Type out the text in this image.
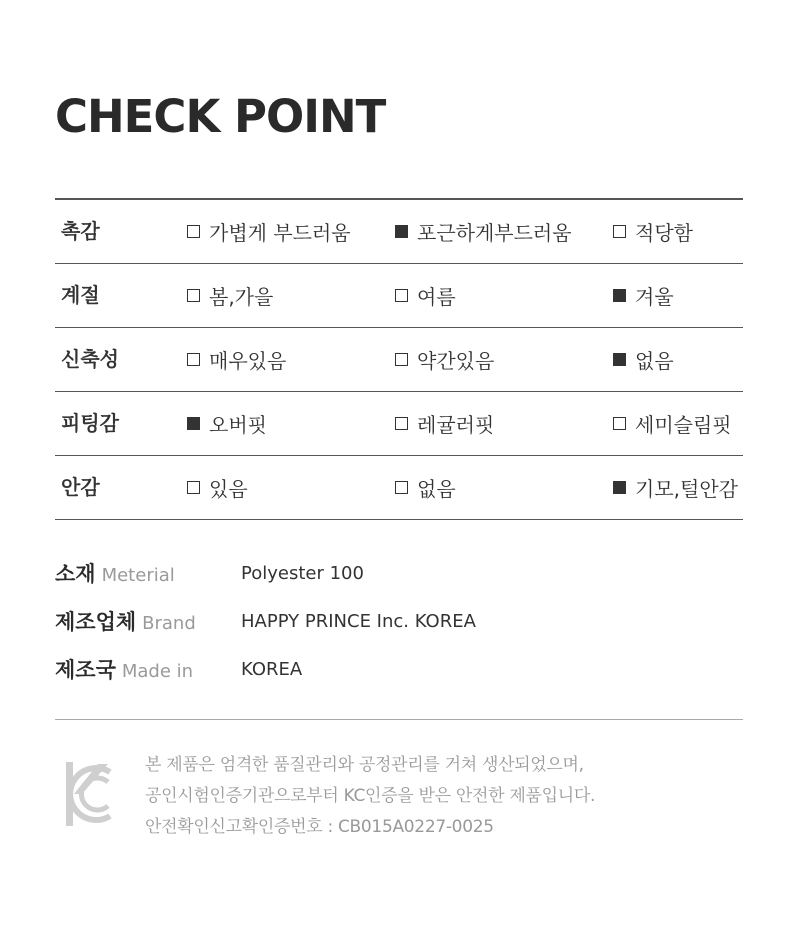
CHECK POINT
촉감	가볍게 부드러움	포근하게부드러움	적당함
계절	봄,가을	여름	겨울
신축성	매우있음	약간있음	없음
피팅감	오버핏	레귤러핏	세미슬림핏
안감	있음	없음	기모,털안감
소재 Meterial	Polyester 100
제조업체 Brand	HAPPY PRINCE Inc. KOREA
제조국 Made in	KOREA
본 제품은 엄격한 품질관리와 공정관리를 거쳐 생산되었으며,
공인시험인증기관으로부터 KC인증을 받은 안전한 제품입니다.
안전확인신고확인증번호 : CB015A0227-0025
